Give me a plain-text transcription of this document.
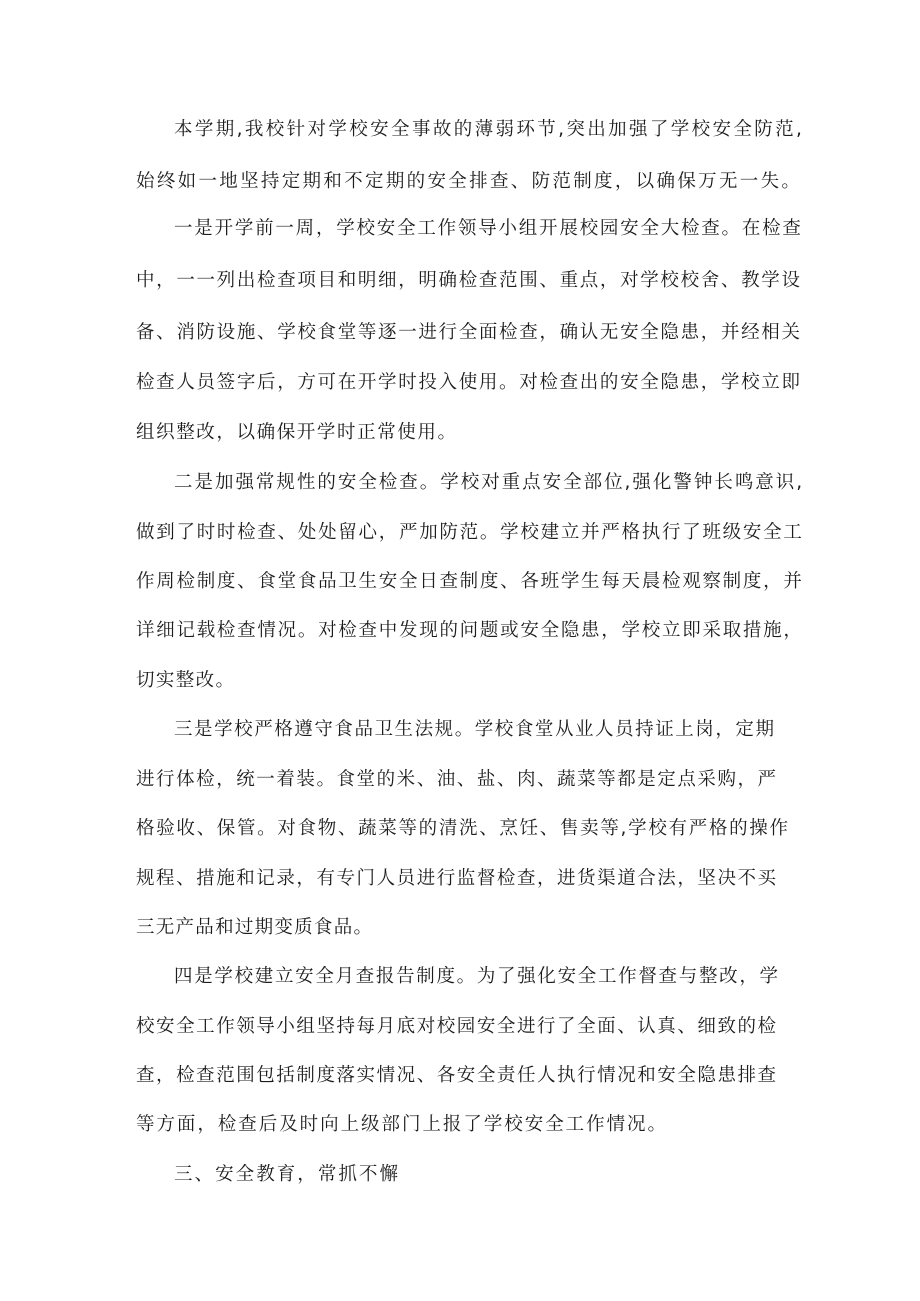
本学期,我校针对学校安全事故的薄弱环节,突出加强了学校安全防范,
始终如一地坚持定期和不定期的安全排查、防范制度，以确保万无一失。
一是开学前一周，学校安全工作领导小组开展校园安全大检查。在检查
中，一一列出检查项目和明细，明确检查范围、重点，对学校校舍、教学设
备、消防设施、学校食堂等逐一进行全面检查，确认无安全隐患，并经相关
检查人员签字后，方可在开学时投入使用。对检查出的安全隐患，学校立即
组织整改，以确保开学时正常使用。
二是加强常规性的安全检查。学校对重点安全部位,强化警钟长鸣意识,
做到了时时检查、处处留心，严加防范。学校建立并严格执行了班级安全工
作周检制度、食堂食品卫生安全日查制度、各班学生每天晨检观察制度，并
详细记载检查情况。对检查中发现的问题或安全隐患，学校立即采取措施，
切实整改。
三是学校严格遵守食品卫生法规。学校食堂从业人员持证上岗，定期
进行体检，统一着装。食堂的米、油、盐、肉、蔬菜等都是定点采购，严
格验收、保管。对食物、蔬菜等的清洗、烹饪、售卖等,学校有严格的操作
规程、措施和记录，有专门人员进行监督检查，进货渠道合法，坚决不买
三无产品和过期变质食品。
四是学校建立安全月查报告制度。为了强化安全工作督查与整改，学
校安全工作领导小组坚持每月底对校园安全进行了全面、认真、细致的检
查，检查范围包括制度落实情况、各安全责任人执行情况和安全隐患排查
等方面，检查后及时向上级部门上报了学校安全工作情况。
三、安全教育，常抓不懈
